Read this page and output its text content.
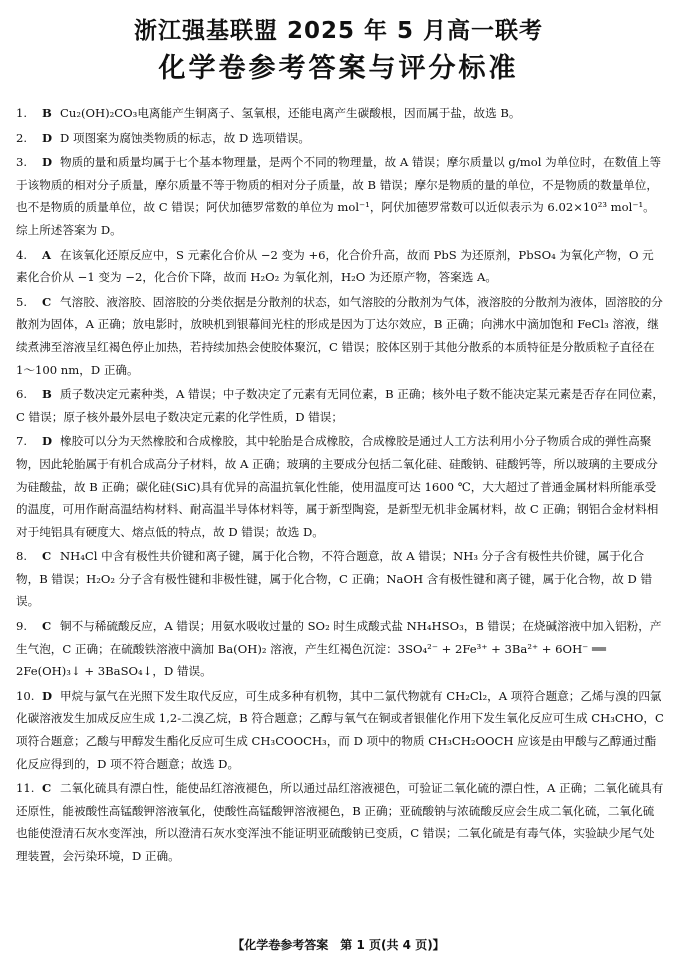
浙江强基联盟 2025 年 5 月高一联考
化学卷参考答案与评分标准
1. B Cu₂(OH)₂CO₃电离能产生铜离子、氢氧根，还能电离产生碳酸根，因而属于盐，故选 B。
2. D D 项图案为腐蚀类物质的标志，故 D 选项错误。
3. D 物质的量和质量均属于七个基本物理量，是两个不同的物理量，故 A 错误；摩尔质量以 g/mol 为单位时，在数值上等于该物质的相对分子质量，摩尔质量不等于物质的相对分子质量，故 B 错误；摩尔是物质的量的单位，不是物质的数量单位，也不是物质的质量单位，故 C 错误；阿伏加德罗常数的单位为 mol⁻¹，阿伏加德罗常数可以近似表示为 6.02×10²³ mol⁻¹。综上所述答案为 D。
4. A 在该氧化还原反应中，S 元素化合价从 −2 变为 +6，化合价升高，故而 PbS 为还原剂，PbSO₄ 为氧化产物，O 元素化合价从 −1 变为 −2，化合价下降，故而 H₂O₂ 为氧化剂，H₂O 为还原产物，答案选 A。
5. C 气溶胶、液溶胶、固溶胶的分类依据是分散剂的状态，如气溶胶的分散剂为气体，液溶胶的分散剂为液体，固溶胶的分散剂为固体，A 正确；放电影时，放映机到银幕间光柱的形成是因为丁达尔效应，B 正确；向沸水中滴加饱和 FeCl₃ 溶液，继续煮沸至溶液呈红褐色停止加热，若持续加热会使胶体聚沉，C 错误；胶体区别于其他分散系的本质特征是分散质粒子直径在 1～100 nm，D 正确。
6. B 质子数决定元素种类，A 错误；中子数决定了元素有无同位素，B 正确；核外电子数不能决定某元素是否存在同位素，C 错误；原子核外最外层电子数决定元素的化学性质，D 错误；
7. D 橡胶可以分为天然橡胶和合成橡胶，其中轮胎是合成橡胶，合成橡胶是通过人工方法利用小分子物质合成的弹性高聚物，因此轮胎属于有机合成高分子材料，故 A 正确；玻璃的主要成分包括二氧化硅、硅酸钠、硅酸钙等，所以玻璃的主要成分为硅酸盐，故 B 正确；碳化硅(SiC)具有优异的高温抗氧化性能，使用温度可达 1600 ℃，大大超过了普通金属材料所能承受的温度，可用作耐高温结构材料、耐高温半导体材料等，属于新型陶瓷，是新型无机非金属材料，故 C 正确；钢铝合金材料相对于纯铝具有硬度大、熔点低的特点，故 D 错误；故选 D。
8. C NH₄Cl 中含有极性共价键和离子键，属于化合物，不符合题意，故 A 错误；NH₃ 分子含有极性共价键，属于化合物，B 错误；H₂O₂ 分子含有极性键和非极性键，属于化合物，C 正确；NaOH 含有极性键和离子键，属于化合物，故 D 错误。
9. C 铜不与稀硫酸反应，A 错误；用氨水吸收过量的 SO₂ 时生成酸式盐 NH₄HSO₃，B 错误；在烧碱溶液中加入铝粉，产生气泡，C 正确；在硫酸铁溶液中滴加 Ba(OH)₂ 溶液，产生红褐色沉淀：3SO₄²⁻ + 2Fe³⁺ + 3Ba²⁺ + 6OH⁻ ══ 2Fe(OH)₃↓ + 3BaSO₄↓，D 错误。
10. D 甲烷与氯气在光照下发生取代反应，可生成多种有机物，其中二氯代物就有 CH₂Cl₂，A 项符合题意；乙烯与溴的四氯化碳溶液发生加成反应生成 1,2-二溴乙烷，B 符合题意；乙醇与氧气在铜或者银催化作用下发生氧化反应可生成 CH₃CHO，C 项符合题意；乙酸与甲醇发生酯化反应可生成 CH₃COOCH₃，而 D 项中的物质 CH₃CH₂OOCH 应该是由甲酸与乙醇通过酯化反应得到的，D 项不符合题意；故选 D。
11. C 二氧化硫具有漂白性，能使品红溶液褪色，所以通过品红溶液褪色，可验证二氧化硫的漂白性，A 正确；二氧化硫具有还原性，能被酸性高锰酸钾溶液氧化，使酸性高锰酸钾溶液褪色，B 正确；亚硫酸钠与浓硫酸反应会生成二氧化硫，二氧化硫也能使澄清石灰水变浑浊，所以澄清石灰水变浑浊不能证明亚硫酸钠已变质，C 错误；二氧化硫是有毒气体，实验缺少尾气处理装置，会污染环境，D 正确。
【化学卷参考答案　第 1 页(共 4 页)】
